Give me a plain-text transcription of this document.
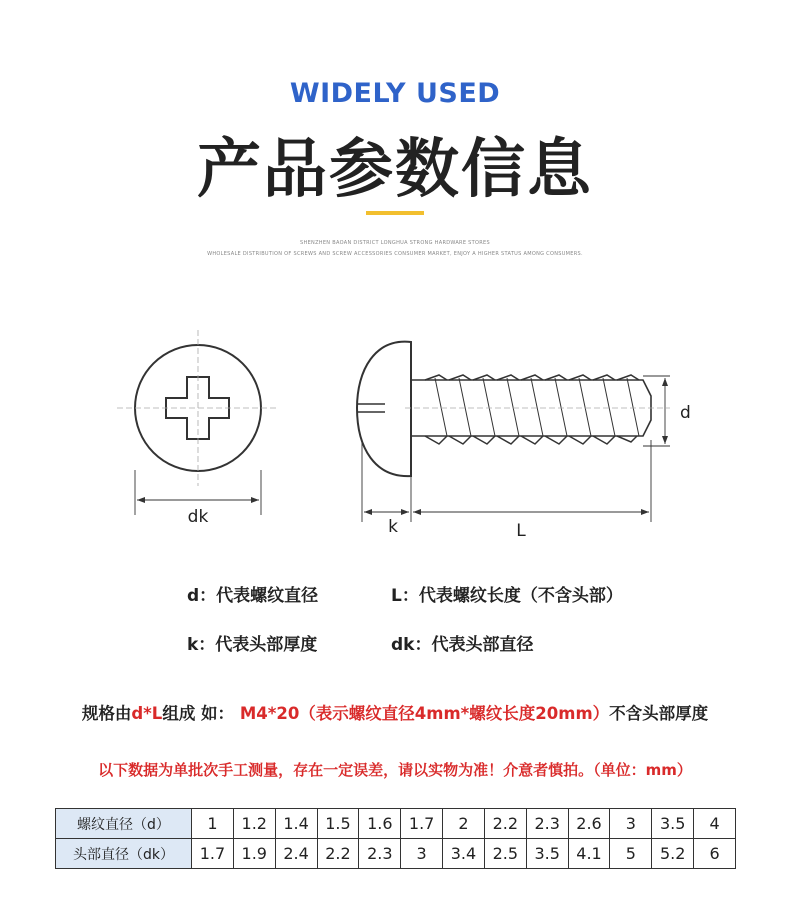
WIDELY USED
产品参数信息
SHENZHEN BAOAN DISTRICT LONGHUA STRONG HARDWARE STORES
WHOLESALE DISTRIBUTION OF SCREWS AND SCREW ACCESSORIES CONSUMER MARKET, ENJOY A HIGHER STATUS AMONG CONSUMERS.
dk	k	L
d
d：代表螺纹直径	L：代表螺纹长度（不含头部）
k：代表头部厚度	dk：代表头部直径
规格由d*L组成 如： M4*20（表示螺纹直径4mm*螺纹长度20mm）不含头部厚度
以下数据为单批次手工测量，存在一定误差，请以实物为准！介意者慎拍。（单位：mm）
螺纹直径（d）	1	1.2	1.4	1.5	1.6	1.7	2	2.2	2.3	2.6	3	3.5	4
头部直径（dk）	1.7	1.9	2.4	2.2	2.3	3	3.4	2.5	3.5	4.1	5	5.2	6
